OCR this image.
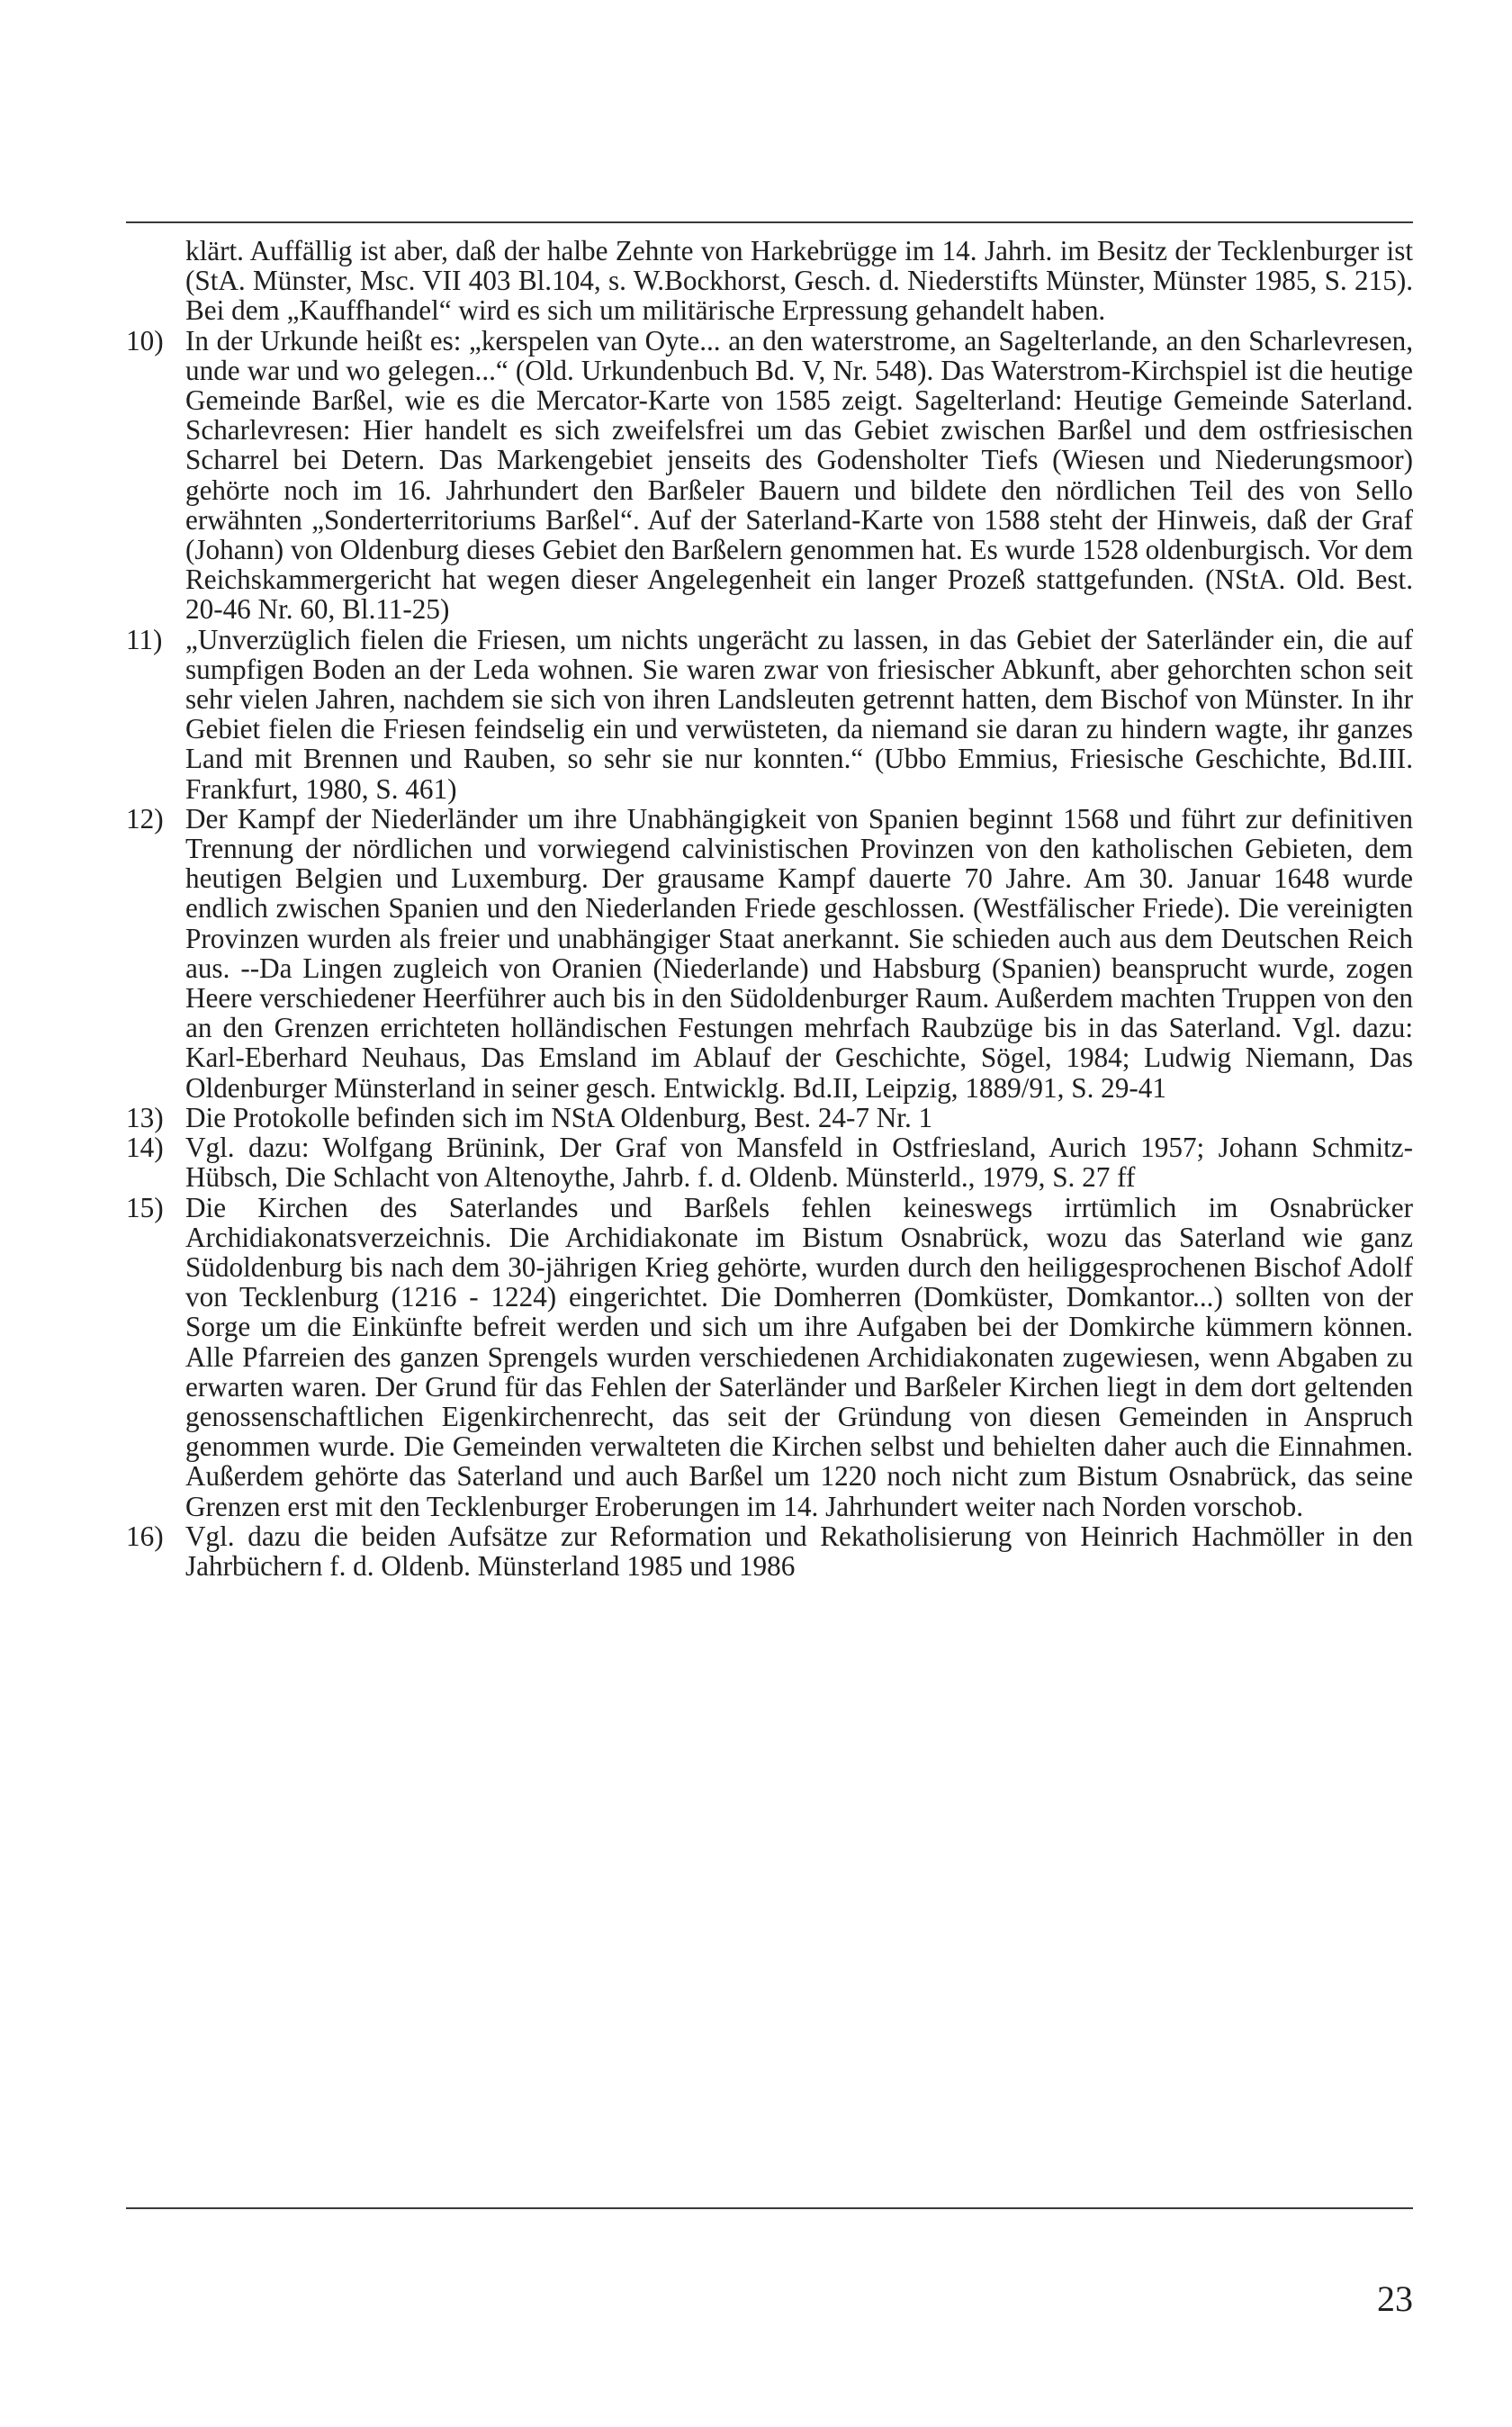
klärt. Auffällig ist aber, daß der halbe Zehnte von Harkebrügge im 14. Jahrh. im Besitz der Tecklenburger ist (StA. Münster, Msc. VII 403 Bl.104, s. W.Bockhorst, Gesch. d. Niederstifts Münster, Münster 1985, S. 215). Bei dem „Kauffhandel“ wird es sich um militärische Erpressung gehandelt haben.
10) In der Urkunde heißt es: „kerspelen van Oyte... an den waterstrome, an Sagelterlande, an den Scharlevresen, unde war und wo gelegen...“ (Old. Urkundenbuch Bd. V, Nr. 548). Das Waterstrom-Kirchspiel ist die heutige Gemeinde Barßel, wie es die Mercator-Karte von 1585 zeigt. Sagelterland: Heutige Gemeinde Saterland. Scharlevresen: Hier handelt es sich zweifelsfrei um das Gebiet zwischen Barßel und dem ostfriesischen Scharrel bei Detern. Das Markengebiet jenseits des Godensholter Tiefs (Wiesen und Niederungsmoor) gehörte noch im 16. Jahrhundert den Barßeler Bauern und bildete den nördlichen Teil des von Sello erwähnten „Sonderterritoriums Barßel“. Auf der Saterland-Karte von 1588 steht der Hinweis, daß der Graf (Johann) von Oldenburg dieses Gebiet den Barßelern genommen hat. Es wurde 1528 oldenburgisch. Vor dem Reichskammergericht hat wegen dieser Angelegenheit ein langer Prozeß stattgefunden. (NStA. Old. Best. 20-46 Nr. 60, Bl.11-25)
11) „Unverzüglich fielen die Friesen, um nichts ungerächt zu lassen, in das Gebiet der Saterländer ein, die auf sumpfigen Boden an der Leda wohnen. Sie waren zwar von friesischer Abkunft, aber gehorchten schon seit sehr vielen Jahren, nachdem sie sich von ihren Landsleuten getrennt hatten, dem Bischof von Münster. In ihr Gebiet fielen die Friesen feindselig ein und verwüsteten, da niemand sie daran zu hindern wagte, ihr ganzes Land mit Brennen und Rauben, so sehr sie nur konnten.“ (Ubbo Emmius, Friesische Geschichte, Bd.III. Frankfurt, 1980, S. 461)
12) Der Kampf der Niederländer um ihre Unabhängigkeit von Spanien beginnt 1568 und führt zur definitiven Trennung der nördlichen und vorwiegend calvinistischen Provinzen von den katholischen Gebieten, dem heutigen Belgien und Luxemburg. Der grausame Kampf dauerte 70 Jahre. Am 30. Januar 1648 wurde endlich zwischen Spanien und den Niederlanden Friede geschlossen. (Westfälischer Friede). Die vereinigten Provinzen wurden als freier und unabhängiger Staat anerkannt. Sie schieden auch aus dem Deutschen Reich aus. --Da Lingen zugleich von Oranien (Niederlande) und Habsburg (Spanien) beansprucht wurde, zogen Heere verschiedener Heerführer auch bis in den Südoldenburger Raum. Außerdem machten Truppen von den an den Grenzen errichteten holländischen Festungen mehrfach Raubzüge bis in das Saterland. Vgl. dazu: Karl-Eberhard Neuhaus, Das Emsland im Ablauf der Geschichte, Sögel, 1984; Ludwig Niemann, Das Oldenburger Münsterland in seiner gesch. Entwicklg. Bd.II, Leipzig, 1889/91, S. 29-41
13) Die Protokolle befinden sich im NStA Oldenburg, Best. 24-7 Nr. 1
14) Vgl. dazu: Wolfgang Brünink, Der Graf von Mansfeld in Ostfriesland, Aurich 1957; Johann Schmitz-Hübsch, Die Schlacht von Altenoythe, Jahrb. f. d. Oldenb. Münsterld., 1979, S. 27 ff
15) Die Kirchen des Saterlandes und Barßels fehlen keineswegs irrtümlich im Osnabrücker Archidiakonatsverzeichnis. Die Archidiakonate im Bistum Osnabrück, wozu das Saterland wie ganz Südoldenburg bis nach dem 30-jährigen Krieg gehörte, wurden durch den heiliggesprochenen Bischof Adolf von Tecklenburg (1216 - 1224) eingerichtet. Die Domherren (Domküster, Domkantor...) sollten von der Sorge um die Einkünfte befreit werden und sich um ihre Aufgaben bei der Domkirche kümmern können. Alle Pfarreien des ganzen Sprengels wurden verschiedenen Archidiakonaten zugewiesen, wenn Abgaben zu erwarten waren. Der Grund für das Fehlen der Saterländer und Barßeler Kirchen liegt in dem dort geltenden genossenschaftlichen Eigenkirchenrecht, das seit der Gründung von diesen Gemeinden in Anspruch genommen wurde. Die Gemeinden verwalteten die Kirchen selbst und behielten daher auch die Einnahmen. Außerdem gehörte das Saterland und auch Barßel um 1220 noch nicht zum Bistum Osnabrück, das seine Grenzen erst mit den Tecklenburger Eroberungen im 14. Jahrhundert weiter nach Norden vorschob.
16) Vgl. dazu die beiden Aufsätze zur Reformation und Rekatholisierung von Heinrich Hachmöller in den Jahrbüchern f. d. Oldenb. Münsterland 1985 und 1986
23
